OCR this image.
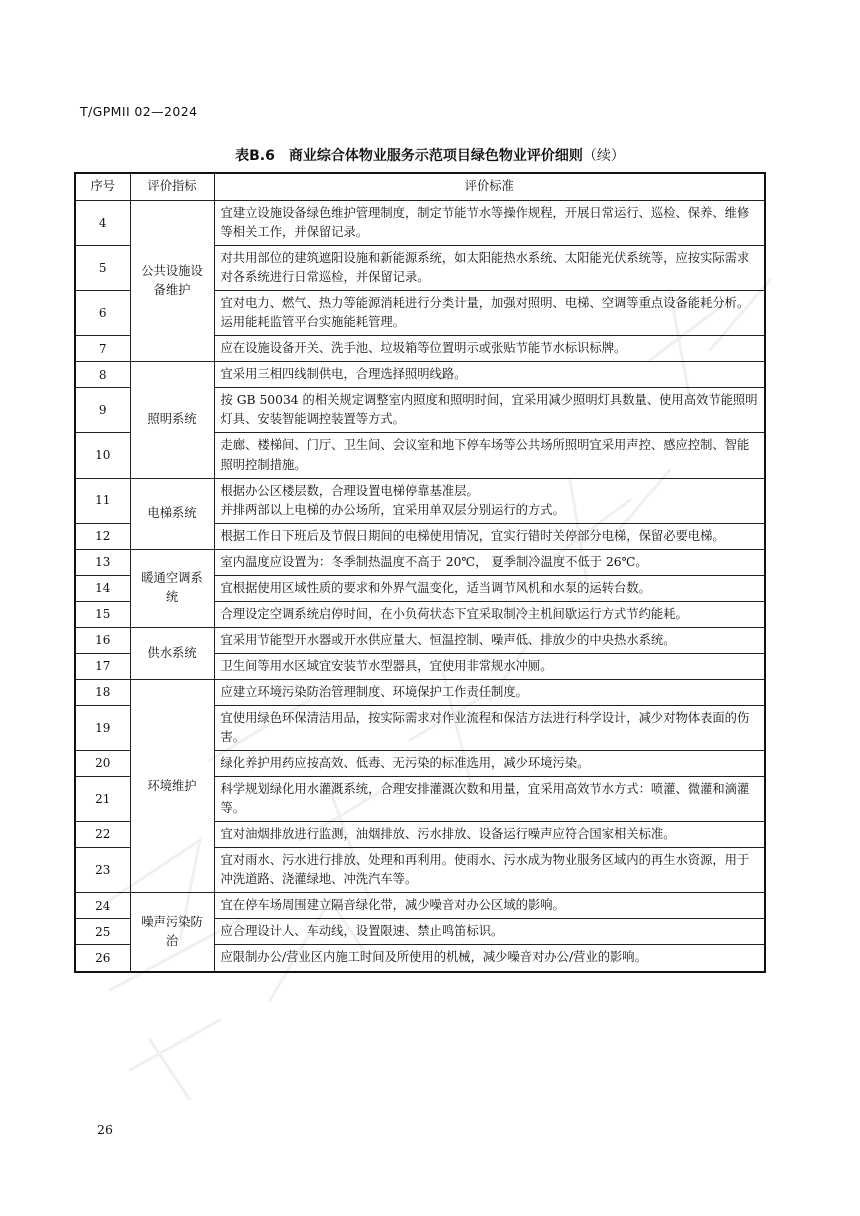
T/GPMII 02—2024
表B.6　商业综合体物业服务示范项目绿色物业评价细则（续）
序号	评价指标	评价标准
4	公共设施设备维护	宜建立设施设备绿色维护管理制度，制定节能节水等操作规程，开展日常运行、巡检、保养、维修等相关工作，并保留记录。
5		对共用部位的建筑遮阳设施和新能源系统，如太阳能热水系统、太阳能光伏系统等，应按实际需求对各系统进行日常巡检，并保留记录。
6		宜对电力、燃气、热力等能源消耗进行分类计量，加强对照明、电梯、空调等重点设备能耗分析。运用能耗监管平台实施能耗管理。
7		应在设施设备开关、洗手池、垃圾箱等位置明示或张贴节能节水标识标牌。
8	照明系统	宜采用三相四线制供电，合理选择照明线路。
9		按 GB 50034 的相关规定调整室内照度和照明时间，宜采用减少照明灯具数量、使用高效节能照明灯具、安装智能调控装置等方式。
10		走廊、楼梯间、门厅、卫生间、会议室和地下停车场等公共场所照明宜采用声控、感应控制、智能照明控制措施。
11	电梯系统	根据办公区楼层数，合理设置电梯停靠基准层。
并排两部以上电梯的办公场所，宜采用单双层分别运行的方式。
12		根据工作日下班后及节假日期间的电梯使用情况，宜实行错时关停部分电梯，保留必要电梯。
13	暖通空调系统	室内温度应设置为：冬季制热温度不高于 20℃， 夏季制冷温度不低于 26℃。
14		宜根据使用区域性质的要求和外界气温变化，适当调节风机和水泵的运转台数。
15		合理设定空调系统启停时间，在小负荷状态下宜采取制冷主机间歇运行方式节约能耗。
16	供水系统	宜采用节能型开水器或开水供应量大、恒温控制、噪声低、排放少的中央热水系统。
17		卫生间等用水区域宜安装节水型器具，宜使用非常规水冲厕。
18	环境维护	应建立环境污染防治管理制度、环境保护工作责任制度。
19		宜使用绿色环保清洁用品，按实际需求对作业流程和保洁方法进行科学设计，减少对物体表面的伤害。
20		绿化养护用药应按高效、低毒、无污染的标准选用，减少环境污染。
21		科学规划绿化用水灌溉系统，合理安排灌溉次数和用量，宜采用高效节水方式：喷灌、微灌和滴灌等。
22		宜对油烟排放进行监测，油烟排放、污水排放、设备运行噪声应符合国家相关标准。
23		宜对雨水、污水进行排放、处理和再利用。使雨水、污水成为物业服务区域内的再生水资源，用于冲洗道路、浇灌绿地、冲洗汽车等。
24	噪声污染防治	宜在停车场周围建立隔音绿化带，减少噪音对办公区域的影响。
25		应合理设计人、车动线，设置限速、禁止鸣笛标识。
26		应限制办公/营业区内施工时间及所使用的机械，减少噪音对办公/营业的影响。
26
